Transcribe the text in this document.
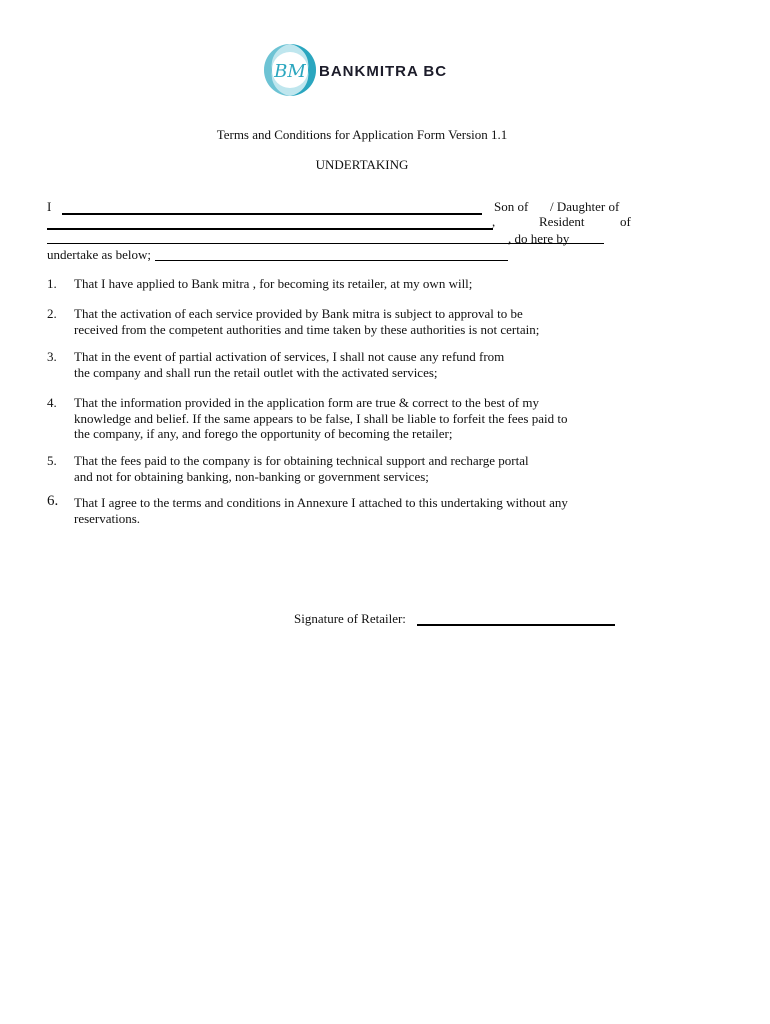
BM BANKMITRA BC
Terms and Conditions for Application Form Version 1.1
UNDERTAKING
I	Son of / Daughter of
,	Resident	of
, do here by
undertake as below;
1. That I have applied to Bank mitra , for becoming its retailer, at my own will;
2. That the activation of each service provided by Bank mitra is subject to approval to be
received from the competent authorities and time taken by these authorities is not certain;
3. That in the event of partial activation of services, I shall not cause any refund from
the company and shall run the retail outlet with the activated services;
4. That the information provided in the application form are true & correct to the best of my
knowledge and belief. If the same appears to be false, I shall be liable to forfeit the fees paid to
the company, if any, and forego the opportunity of becoming the retailer;
5. That the fees paid to the company is for obtaining technical support and recharge portal
and not for obtaining banking, non-banking or government services;
6. That I agree to the terms and conditions in Annexure I attached to this undertaking without any
reservations.
Signature of Retailer:
